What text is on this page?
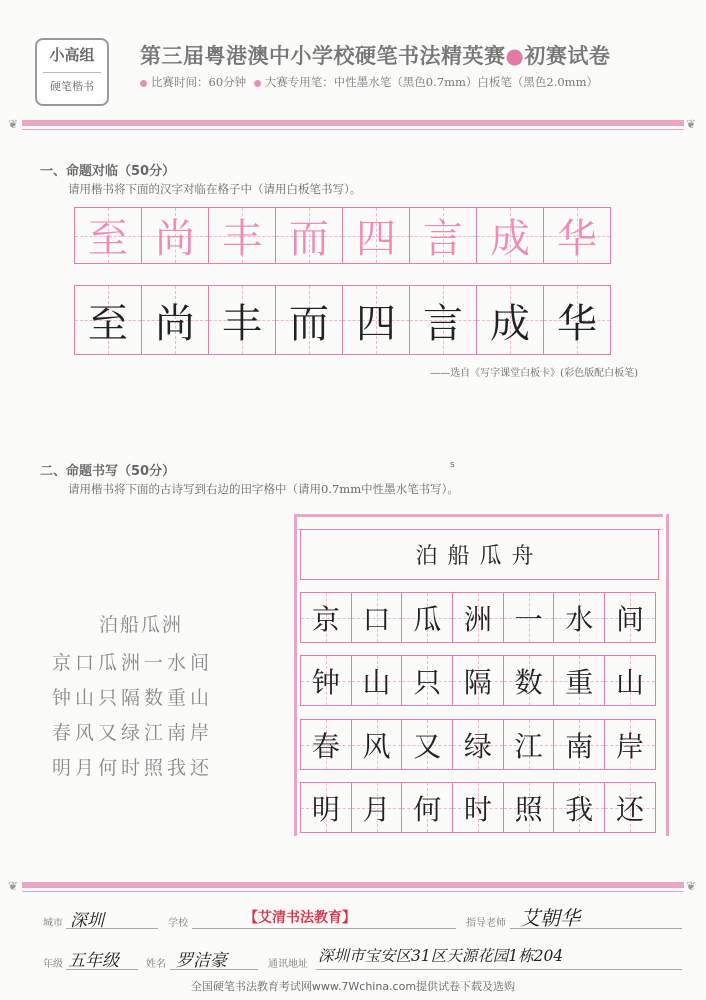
小高组
硬笔楷书
第三届粤港澳中小学校硬笔书法精英赛●初赛试卷
比赛时间：60分钟 大赛专用笔：中性墨水笔（黑色0.7mm）白板笔（黑色2.0mm）
❦	❦
一、命题对临（50分）
请用楷书将下面的汉字对临在格子中（请用白板笔书写）。
至 尚 丰 而 四 言 成 华
至 尚 丰 而 四 言 成 华
——选自《写字课堂白板卡》(彩色版配白板笔)
s
二、命题书写（50分）
请用楷书将下面的古诗写到右边的田字格中（请用0.7mm中性墨水笔书写）。
泊船瓜洲
京口瓜洲一水间
钟山只隔数重山
春风又绿江南岸
明月何时照我还
泊船瓜舟
京 口 瓜 洲 一 水 间
钟 山 只 隔 数 重 山
春 风 又 绿 江 南 岸
明 月 何 时 照 我 还
❦	❦
城市 深圳	学校	【艾清书法教育】	指导老师 艾朝华
年级 五年级	姓名 罗洁豪	通讯地址 深圳市宝安区31区天源花园1栋204
全国硬笔书法教育考试网www.7Wchina.com提供试卷下载及选购
